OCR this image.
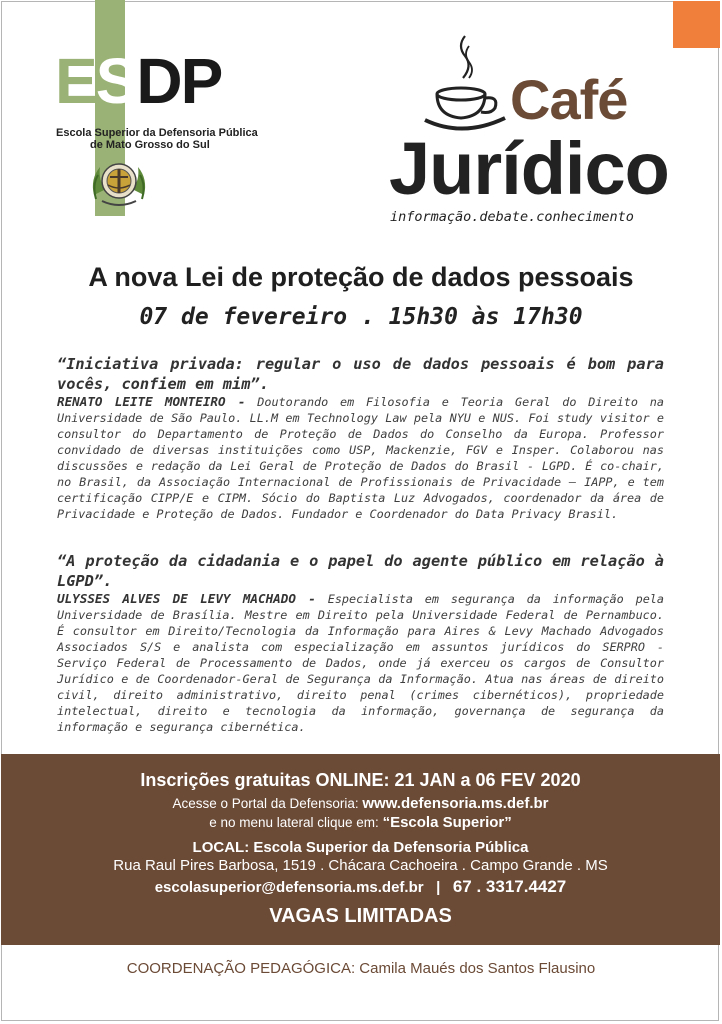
ESDP
Escola Superior da Defensoria Pública
de Mato Grosso do Sul
Café
Jurídico
informação.debate.conhecimento
A nova Lei de proteção de dados pessoais
07 de fevereiro . 15h30 às 17h30

“Iniciativa privada: regular o uso de dados pessoais é bom para vocês, confiem em mim”.

RENATO LEITE MONTEIRO - Doutorando em Filosofia e Teoria Geral do Direito na Universidade de São Paulo. LL.M em Technology Law pela NYU e NUS. Foi study visitor e consultor do Departamento de Proteção de Dados do Conselho da Europa. Professor convidado de diversas instituições como USP, Mackenzie, FGV e Insper. Colaborou nas discussões e redação da Lei Geral de Proteção de Dados do Brasil - LGPD. É co-chair, no Brasil, da Associação Internacional de Profissionais de Privacidade – IAPP, e tem certificação CIPP/E e CIPM. Sócio do Baptista Luz Advogados, coordenador da área de Privacidade e Proteção de Dados. Fundador e Coordenador do Data Privacy Brasil.

“A proteção da cidadania e o papel do agente público em relação à LGPD”.

ULYSSES ALVES DE LEVY MACHADO - Especialista em segurança da informação pela Universidade de Brasília. Mestre em Direito pela Universidade Federal de Pernambuco. É consultor em Direito/Tecnologia da Informação para Aires & Levy Machado Advogados Associados S/S e analista com especialização em assuntos jurídicos do SERPRO - Serviço Federal de Processamento de Dados, onde já exerceu os cargos de Consultor Jurídico e de Coordenador-Geral de Segurança da Informação. Atua nas áreas de direito civil, direito administrativo, direito penal (crimes cibernéticos), propriedade intelectual, direito e tecnologia da informação, governança de segurança da informação e segurança cibernética.

Inscrições gratuitas ONLINE: 21 JAN a 06 FEV 2020
Acesse o Portal da Defensoria: www.defensoria.ms.def.br
e no menu lateral clique em: “Escola Superior”
LOCAL: Escola Superior da Defensoria Pública
Rua Raul Pires Barbosa, 1519 . Chácara Cachoeira . Campo Grande . MS
escolasuperior@defensoria.ms.def.br | 67 . 3317.4427
VAGAS LIMITADAS
COORDENAÇÃO PEDAGÓGICA: Camila Maués dos Santos Flausino
